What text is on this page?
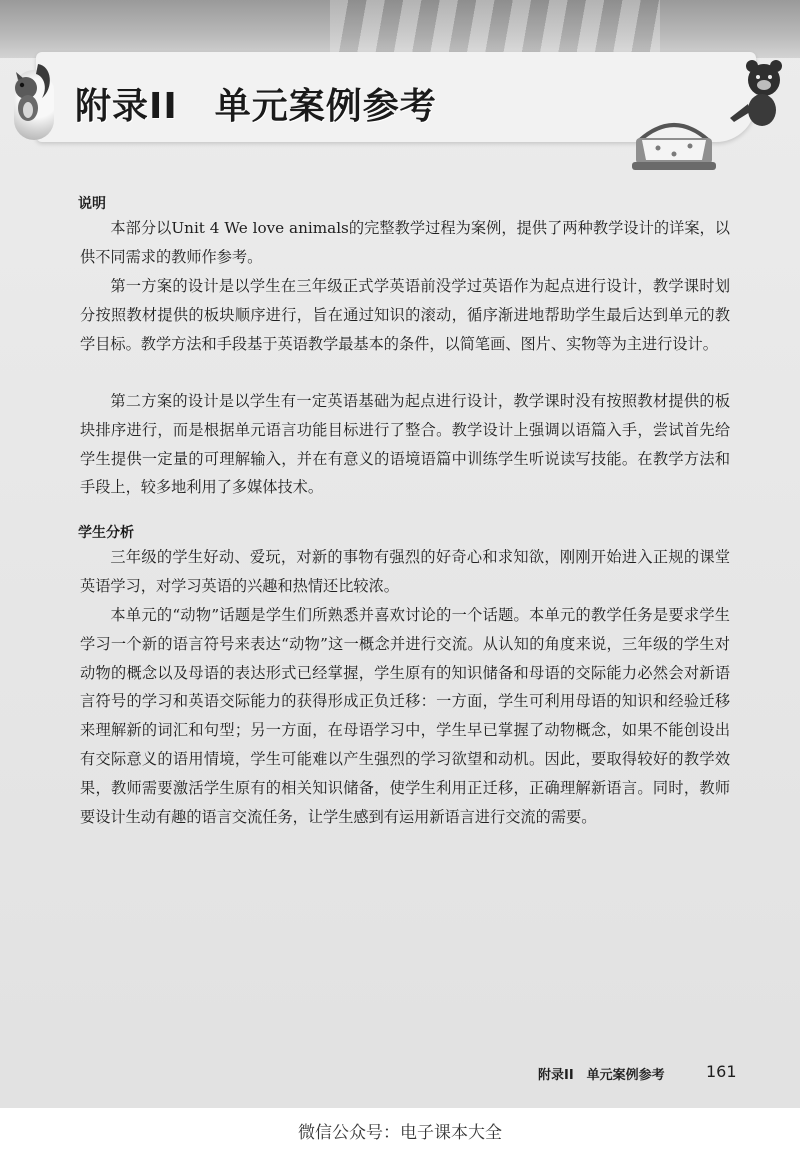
附录II　单元案例参考
说明

本部分以Unit 4 We love animals的完整教学过程为案例，提供了两种教学设计的详案，以供不同需求的教师作参考。

第一方案的设计是以学生在三年级正式学英语前没学过英语作为起点进行设计，教学课时划分按照教材提供的板块顺序进行，旨在通过知识的滚动，循序渐进地帮助学生最后达到单元的教学目标。教学方法和手段基于英语教学最基本的条件，以简笔画、图片、实物等为主进行设计。

第二方案的设计是以学生有一定英语基础为起点进行设计，教学课时没有按照教材提供的板块排序进行，而是根据单元语言功能目标进行了整合。教学设计上强调以语篇入手，尝试首先给学生提供一定量的可理解输入，并在有意义的语境语篇中训练学生听说读写技能。在教学方法和手段上，较多地利用了多媒体技术。

学生分析

三年级的学生好动、爱玩，对新的事物有强烈的好奇心和求知欲，刚刚开始进入正规的课堂英语学习，对学习英语的兴趣和热情还比较浓。

本单元的“动物”话题是学生们所熟悉并喜欢讨论的一个话题。本单元的教学任务是要求学生学习一个新的语言符号来表达“动物”这一概念并进行交流。从认知的角度来说，三年级的学生对动物的概念以及母语的表达形式已经掌握，学生原有的知识储备和母语的交际能力必然会对新语言符号的学习和英语交际能力的获得形成正负迁移：一方面，学生可利用母语的知识和经验迁移来理解新的词汇和句型；另一方面，在母语学习中，学生早已掌握了动物概念，如果不能创设出有交际意义的语用情境，学生可能难以产生强烈的学习欲望和动机。因此，要取得较好的教学效果，教师需要激活学生原有的相关知识储备，使学生利用正迁移，正确理解新语言。同时，教师要设计生动有趣的语言交流任务，让学生感到有运用新语言进行交流的需要。

附录II　单元案例参考	161
微信公众号：电子课本大全
